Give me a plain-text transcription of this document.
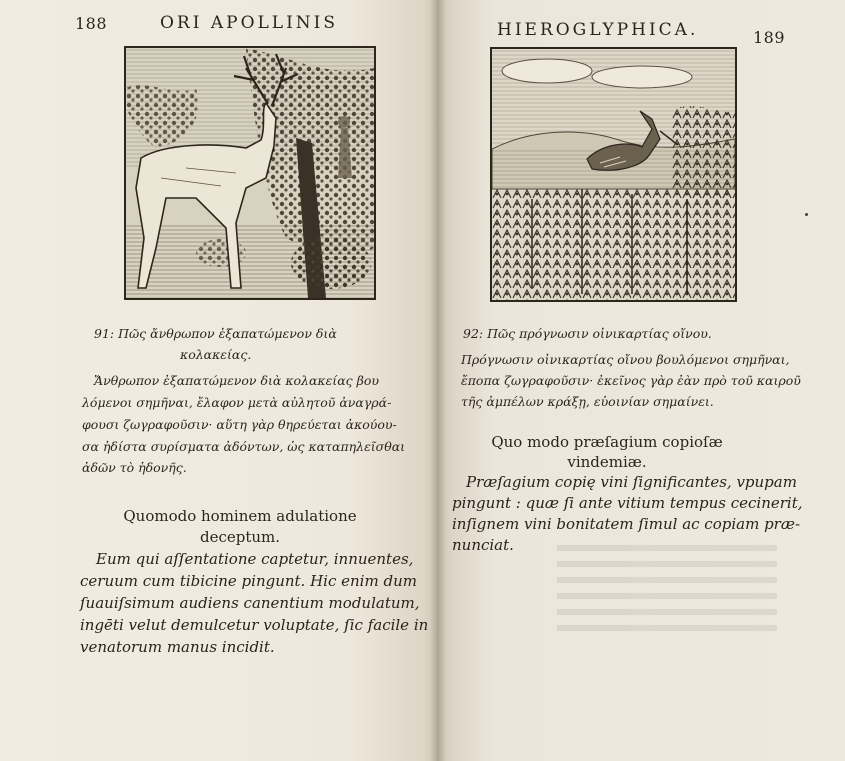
188	ORI APOLLINIS
91: Πῶς ἄνθρωπον ἐξαπατώμενον διὰ
κολακείας.
Ἄνθρωπον ἐξαπατώμενον διὰ κολακείας βου
λόμενοι σημῆναι, ἔλαφον μετὰ αὐλητοῦ ἀναγρά-
φουσι ζωγραφοῦσιν· αὕτη γὰρ θηρεύεται ἀκούου-
σα ἡδίστα συρίσματα ἀδόντων, ὡς καταπηλεῖσθαι
ἀδῶν τὸ ἡδονῆς.
Quomodo hominem adulatione
deceptum.
Eum qui aſſentatione captetur, innuentes,
ceruum cum tibicine pingunt. Hic enim dum
ſuauiſsimum audiens canentium modulatum,
ingēti velut demulcetur voluptate, ſic facile in
venatorum manus incidit.
HIEROGLYPHICA.	189
92: Πῶς πρόγνωσιν οἰνικαρτίας οἴνου.
Πρόγνωσιν οἰνικαρτίας οἴνου βουλόμενοι σημῆναι,
ἔποπα ζωγραφοῦσιν· ἐκεῖνος γὰρ ἐὰν πρὸ τοῦ καιροῦ
τῆς ἀμπέλων κράξῃ, εὐοινίαν σημαίνει.
Quo modo præſagium copioſæ
vindemiæ.
Præſagium copię vini ſignificantes, vpupam
pingunt : quæ ſi ante vitium tempus cecinerit,
inſignem vini bonitatem ſimul ac copiam præ-
nunciat.
